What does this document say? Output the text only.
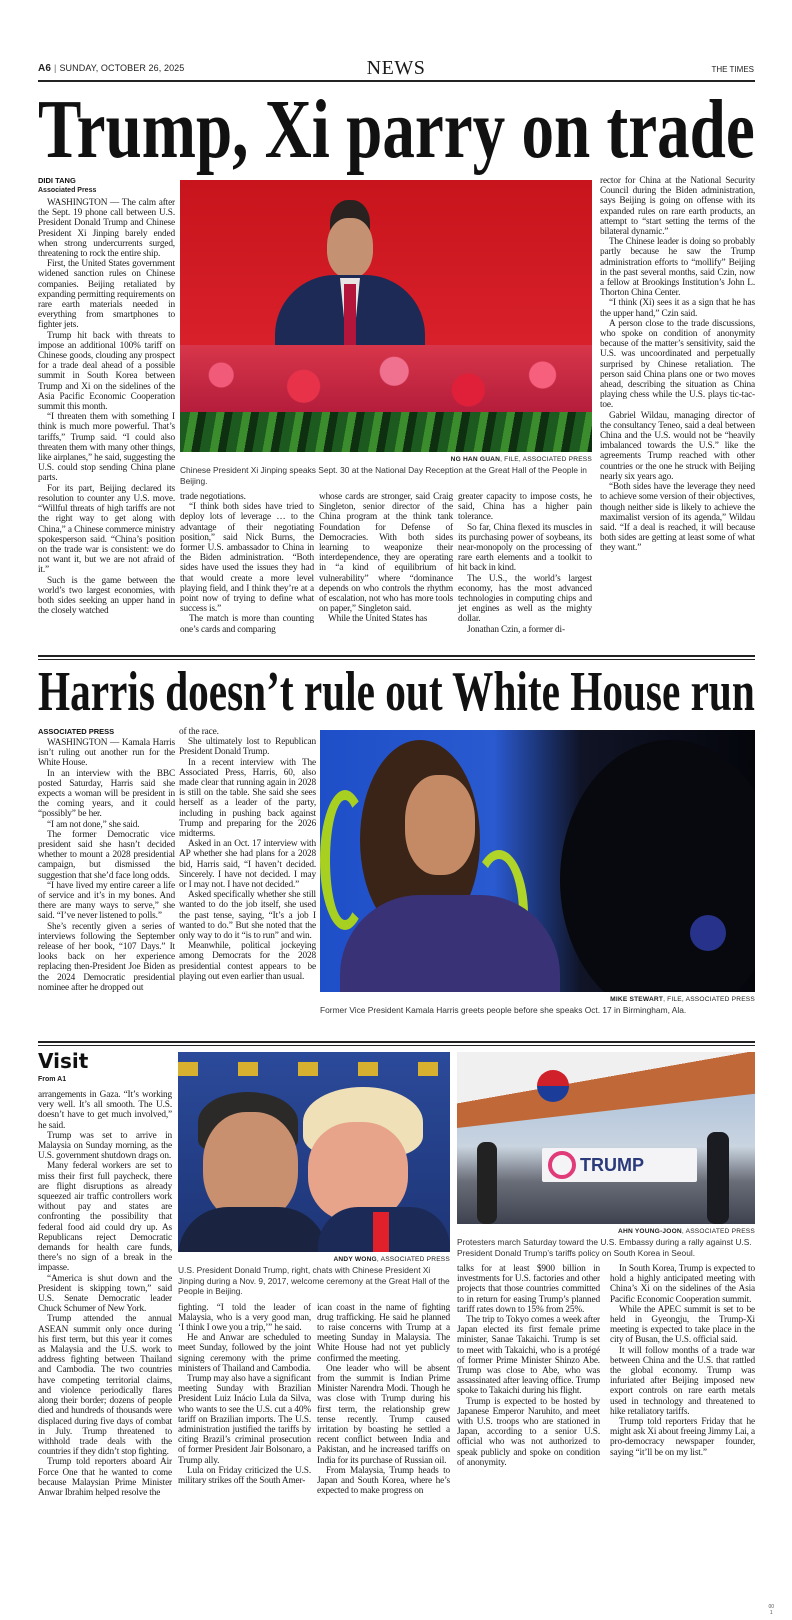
A6 | SUNDAY, OCTOBER 26, 2025	NEWS	THE TIMES
Trump, Xi parry on trade
DIDI TANG
Associated Press

WASHINGTON — The calm after the Sept. 19 phone call between U.S. President Donald Trump and Chinese President Xi Jinping barely ended when strong undercurrents surged, threatening to rock the entire ship.

First, the United States government widened sanction rules on Chinese companies. Beijing retaliated by expanding permitting requirements on rare earth materials needed in everything from smartphones to fighter jets.

Trump hit back with threats to impose an additional 100% tariff on Chinese goods, clouding any prospect for a trade deal ahead of a possible summit in South Korea between Trump and Xi on the sidelines of the Asia Pacific Economic Cooperation summit this month.

“I threaten them with something I think is much more powerful. That’s tariffs,” Trump said. “I could also threaten them with many other things, like airplanes,” he said, suggesting the U.S. could stop sending China plane parts.

For its part, Beijing declared its resolution to counter any U.S. move. “Willful threats of high tariffs are not the right way to get along with China,” a Chinese commerce ministry spokesperson said. “China’s position on the trade war is consistent: we do not want it, but we are not afraid of it.”

Such is the game between the world’s two largest economies, with both sides seeking an upper hand in the closely watched

NG HAN GUAN, FILE, ASSOCIATED PRESS
Chinese President Xi Jinping speaks Sept. 30 at the National Day Reception at the Great Hall of the People in Beijing.

trade negotiations.

“I think both sides have tried to deploy lots of leverage … to the advantage of their negotiating position,” said Nick Burns, the former U.S. ambassador to China in the Biden administration. “Both sides have used the issues they had that would create a more level playing field, and I think they’re at a point now of trying to define what success is.”

The match is more than counting one’s cards and comparing

whose cards are stronger, said Craig Singleton, senior director of the China program at the think tank Foundation for Defense of Democracies. With both sides learning to weaponize their interdependence, they are operating in “a kind of equilibrium of vulnerability” where “dominance depends on who controls the rhythm of escalation, not who has more tools on paper,” Singleton said.

While the United States has

greater capacity to impose costs, he said, China has a higher pain tolerance.

So far, China flexed its muscles in its purchasing power of soybeans, its near-monopoly on the processing of rare earth elements and a toolkit to hit back in kind.

The U.S., the world’s largest economy, has the most advanced technologies in computing chips and jet engines as well as the mighty dollar.

Jonathan Czin, a former di-

rector for China at the National Security Council during the Biden administration, says Beijing is going on offense with its expanded rules on rare earth products, an attempt to “start setting the terms of the bilateral dynamic.”

The Chinese leader is doing so probably partly because he saw the Trump administration efforts to “mollify” Beijing in the past several months, said Czin, now a fellow at Brookings Institution’s John L. Thorton China Center.

“I think (Xi) sees it as a sign that he has the upper hand,” Czin said.

A person close to the trade discussions, who spoke on condition of anonymity because of the matter’s sensitivity, said the U.S. was uncoordinated and perpetually surprised by Chinese retaliation. The person said China plans one or two moves ahead, describing the situation as China playing chess while the U.S. plays tic-tac-toe.

Gabriel Wildau, managing director of the consultancy Teneo, said a deal between China and the U.S. would not be “heavily imbalanced towards the U.S.” like the agreements Trump reached with other countries or the one he struck with Beijing nearly six years ago.

“Both sides have the leverage they need to achieve some version of their objectives, though neither side is likely to achieve the maximalist version of its agenda,” Wildau said. “If a deal is reached, it will because both sides are getting at least some of what they want.”

Harris doesn’t rule out White House run
ASSOCIATED PRESS

WASHINGTON — Kamala Harris isn’t ruling out another run for the White House.

In an interview with the BBC posted Saturday, Harris said she expects a woman will be president in the coming years, and it could “possibly” be her.

“I am not done,” she said.

The former Democratic vice president said she hasn’t decided whether to mount a 2028 presidential campaign, but dismissed the suggestion that she’d face long odds.

“I have lived my entire career a life of service and it’s in my bones. And there are many ways to serve,” she said. “I’ve never listened to polls.”

She’s recently given a series of interviews following the September release of her book, “107 Days.” It looks back on her experience replacing then-President Joe Biden as the 2024 Democratic presidential nominee after he dropped out

of the race.

She ultimately lost to Republican President Donald Trump.

In a recent interview with The Associated Press, Harris, 60, also made clear that running again in 2028 is still on the table. She said she sees herself as a leader of the party, including in pushing back against Trump and preparing for the 2026 midterms.

Asked in an Oct. 17 interview with AP whether she had plans for a 2028 bid, Harris said, “I haven’t decided. Sincerely. I have not decided. I may or I may not. I have not decided.”

Asked specifically whether she still wanted to do the job itself, she used the past tense, saying, “It’s a job I wanted to do.” But she noted that the only way to do it “is to run” and win.

Meanwhile, political jockeying among Democrats for the 2028 presidential contest appears to be playing out even earlier than usual.

MIKE STEWART, FILE, ASSOCIATED PRESS
Former Vice President Kamala Harris greets people before she speaks Oct. 17 in Birmingham, Ala.
Visit
From A1

arrangements in Gaza. “It’s working very well. It’s all smooth. The U.S. doesn’t have to get much involved,” he said.

Trump was set to arrive in Malaysia on Sunday morning, as the U.S. government shutdown drags on.

Many federal workers are set to miss their first full paycheck, there are flight disruptions as already squeezed air traffic controllers work without pay and states are confronting the possibility that federal food aid could dry up. As Republicans reject Democratic demands for health care funds, there’s no sign of a break in the impasse.

“America is shut down and the President is skipping town,” said U.S. Senate Democratic leader Chuck Schumer of New York.

Trump attended the annual ASEAN summit only once during his first term, but this year it comes as Malaysia and the U.S. work to address fighting between Thailand and Cambodia. The two countries have competing territorial claims, and violence periodically flares along their border; dozens of people died and hundreds of thousands were displaced during five days of combat in July. Trump threatened to withhold trade deals with the countries if they didn’t stop fighting.

Trump told reporters aboard Air Force One that he wanted to come because Malaysian Prime Minister Anwar Ibrahim helped resolve the

ANDY WONG, ASSOCIATED PRESS
U.S. President Donald Trump, right, chats with Chinese President Xi Jinping during a Nov. 9, 2017, welcome ceremony at the Great Hall of the People in Beijing.

fighting. “I told the leader of Malaysia, who is a very good man, ‘I think I owe you a trip,’” he said.

He and Anwar are scheduled to meet Sunday, followed by the joint signing ceremony with the prime ministers of Thailand and Cambodia.

Trump may also have a significant meeting Sunday with Brazilian President Luiz Inácio Lula da Silva, who wants to see the U.S. cut a 40% tariff on Brazilian imports. The U.S. administration justified the tariffs by citing Brazil’s criminal prosecution of former President Jair Bolsonaro, a Trump ally.

Lula on Friday criticized the U.S. military strikes off the South Amer-

ican coast in the name of fighting drug trafficking. He said he planned to raise concerns with Trump at a meeting Sunday in Malaysia. The White House had not yet publicly confirmed the meeting.

One leader who will be absent from the summit is Indian Prime Minister Narendra Modi. Though he was close with Trump during his first term, the relationship grew tense recently. Trump caused irritation by boasting he settled a recent conflict between India and Pakistan, and he increased tariffs on India for its purchase of Russian oil.

From Malaysia, Trump heads to Japan and South Korea, where he’s expected to make progress on

TRUMP
AHN YOUNG-JOON, ASSOCIATED PRESS
Protesters march Saturday toward the U.S. Embassy during a rally against U.S. President Donald Trump’s tariffs policy on South Korea in Seoul.

talks for at least $900 billion in investments for U.S. factories and other projects that those countries committed to in return for easing Trump’s planned tariff rates down to 15% from 25%.

The trip to Tokyo comes a week after Japan elected its first female prime minister, Sanae Takaichi. Trump is set to meet with Takaichi, who is a protégé of former Prime Minister Shinzo Abe. Trump was close to Abe, who was assassinated after leaving office. Trump spoke to Takaichi during his flight.

Trump is expected to be hosted by Japanese Emperor Naruhito, and meet with U.S. troops who are stationed in Japan, according to a senior U.S. official who was not authorized to speak publicly and spoke on condition of anonymity.

In South Korea, Trump is expected to hold a highly anticipated meeting with China’s Xi on the sidelines of the Asia Pacific Economic Cooperation summit.

While the APEC summit is set to be held in Gyeongju, the Trump-Xi meeting is expected to take place in the city of Busan, the U.S. official said.

It will follow months of a trade war between China and the U.S. that rattled the global economy. Trump was infuriated after Beijing imposed new export controls on rare earth metals used in technology and threatened to hike retaliatory tariffs.

Trump told reporters Friday that he might ask Xi about freeing Jimmy Lai, a pro-democracy newspaper founder, saying “it’ll be on my list.”

00
1
